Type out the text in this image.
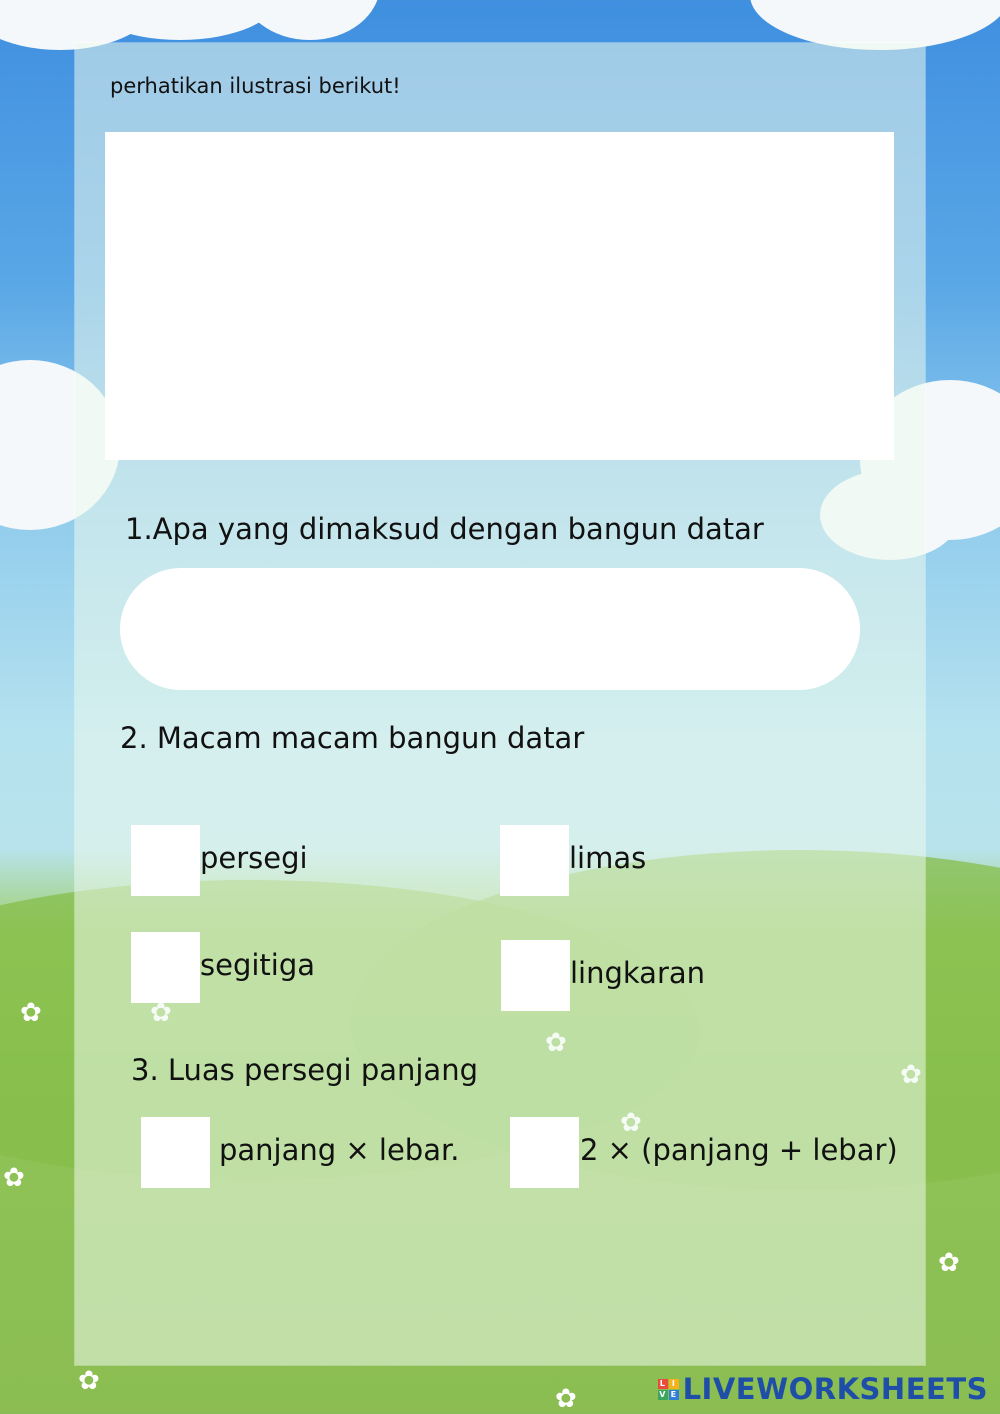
✿
✿
✿
✿
✿
perhatikan ilustrasi berikut!
1.Apa yang dimaksud dengan bangun datar
2. Macam macam bangun datar
persegi	limas
segitiga	lingkaran
3. Luas persegi panjang
panjang × lebar.	2 × (panjang + lebar)
L I
V E LIVEWORKSHEETS
